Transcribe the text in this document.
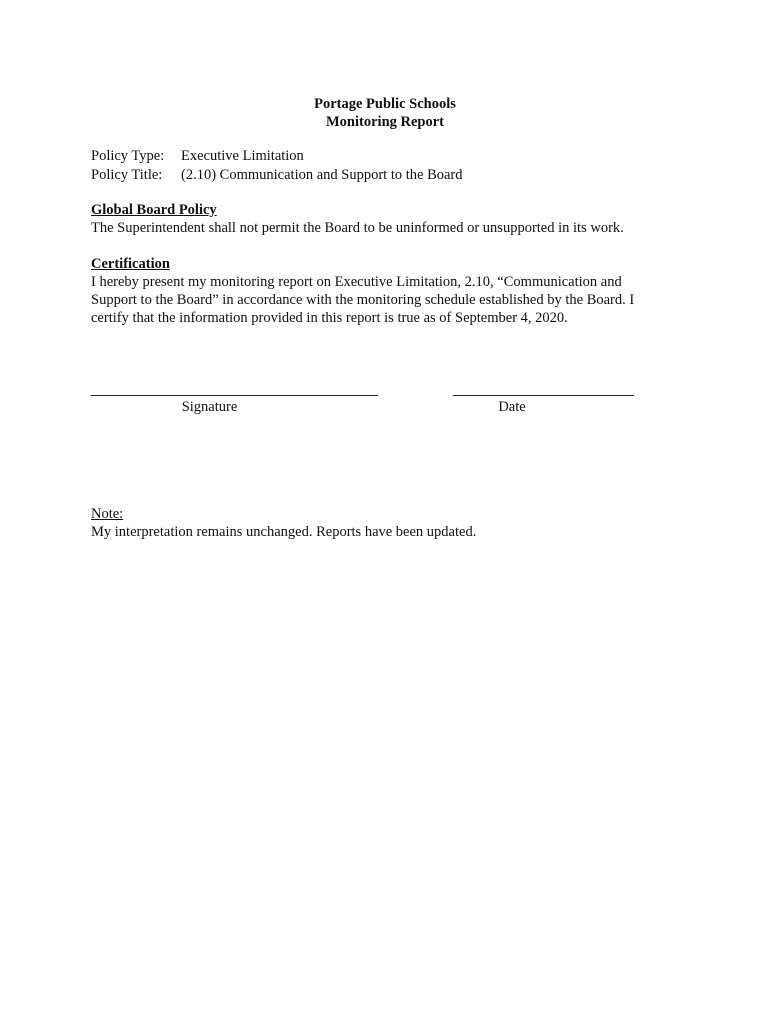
Portage Public Schools
Monitoring Report
Policy Type:	Executive Limitation
Policy Title:	(2.10) Communication and Support to the Board
Global Board Policy
The Superintendent shall not permit the Board to be uninformed or unsupported in its work.
Certification
I hereby present my monitoring report on Executive Limitation, 2.10, “Communication and
Support to the Board” in accordance with the monitoring schedule established by the Board. I
certify that the information provided in this report is true as of September 4, 2020.
Signature	Date
Note:
My interpretation remains unchanged. Reports have been updated.
